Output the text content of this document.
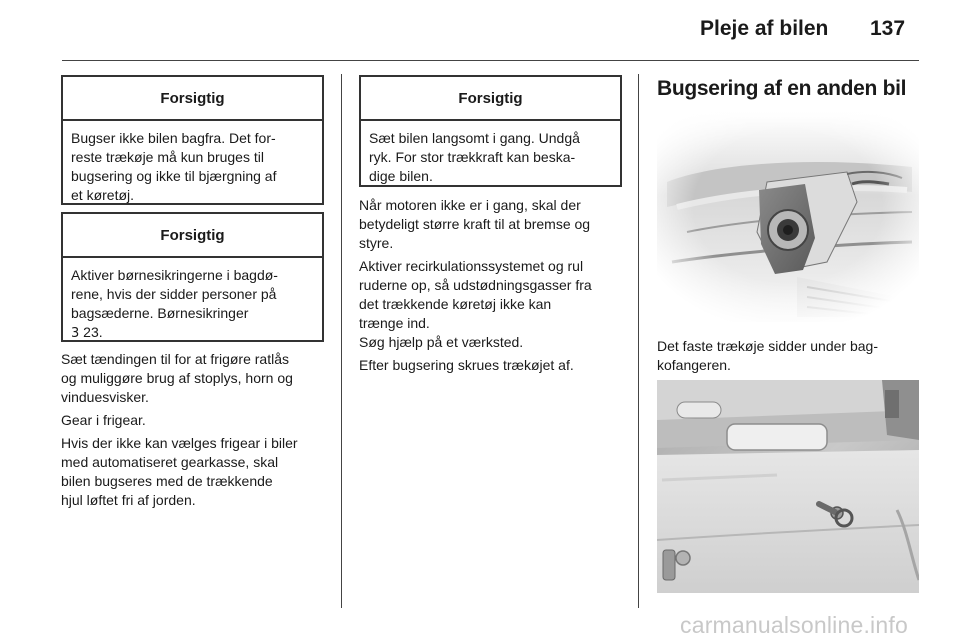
Pleje af bilen 137
Forsigtig
Bugser ikke bilen bagfra. Det for-
reste trækøje må kun bruges til
bugsering og ikke til bjærgning af
et køretøj.
Forsigtig
Aktiver børnesikringerne i bagdø-
rene, hvis der sidder personer på
bagsæderne. Børnesikringer
3 23.
Sæt tændingen til for at frigøre ratlås
og muliggøre brug af stoplys, horn og
vinduesvisker.
Gear i frigear.
Hvis der ikke kan vælges frigear i biler
med automatiseret gearkasse, skal
bilen bugseres med de trækkende
hjul løftet fri af jorden.
Forsigtig
Sæt bilen langsomt i gang. Undgå
ryk. For stor trækkraft kan beska-
dige bilen.
Når motoren ikke er i gang, skal der
betydeligt større kraft til at bremse og
styre.
Aktiver recirkulationssystemet og rul
ruderne op, så udstødningsgasser fra
det trækkende køretøj ikke kan
trænge ind.
Søg hjælp på et værksted.
Efter bugsering skrues trækøjet af.
Bugsering af en anden bil
Det faste trækøje sidder under bag-
kofangeren.
carmanualsonline.info
